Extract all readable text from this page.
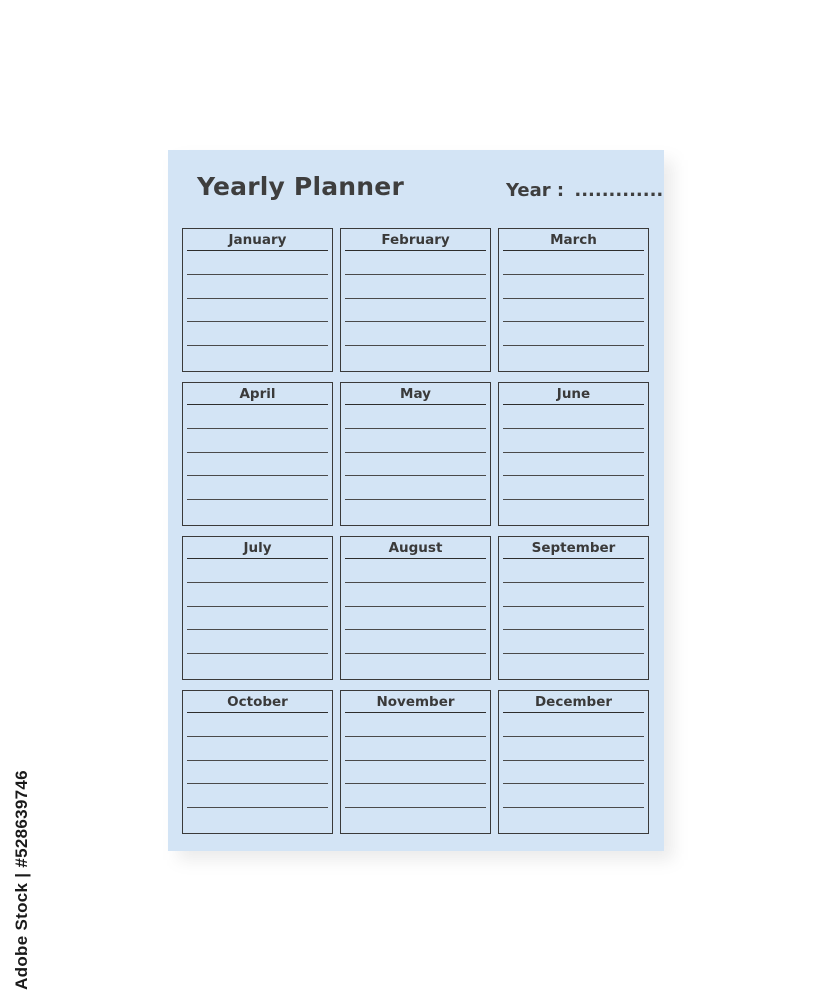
Yearly Planner	Year : .............
January	February	March
April	May	June
July	August	September
October	November	December
Adobe Stock | #528639746
